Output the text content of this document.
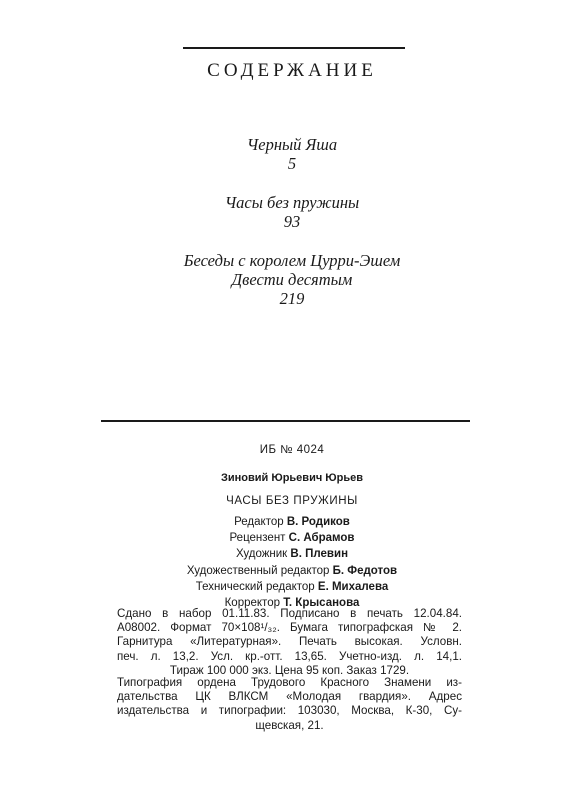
СОДЕРЖАНИЕ
Черный Яша
5
Часы без пружины
93
Беседы с королем Цурри-Эшем
Двести десятым
219
ИБ № 4024
Зиновий Юрьевич Юрьев
ЧАСЫ БЕЗ ПРУЖИНЫ
Редактор В. Родиков
Рецензент С. Абрамов
Художник В. Плевин
Художественный редактор Б. Федотов
Технический редактор Е. Михалева
Корректор Т. Крысанова
Сдано в набор 01.11.83. Подписано в печать 12.04.84.
А08002. Формат 70×108¹/₃₂. Бумага типографская № 2.
Гарнитура «Литературная». Печать высокая. Условн.
печ. л. 13,2. Усл. кр.-отт. 13,65. Учетно-изд. л. 14,1.
Тираж 100 000 экз. Цена 95 коп. Заказ 1729.
Типография ордена Трудового Красного Знамени из-
дательства ЦК ВЛКСМ «Молодая гвардия». Адрес
издательства и типографии: 103030, Москва, К-30, Су-
щевская, 21.
